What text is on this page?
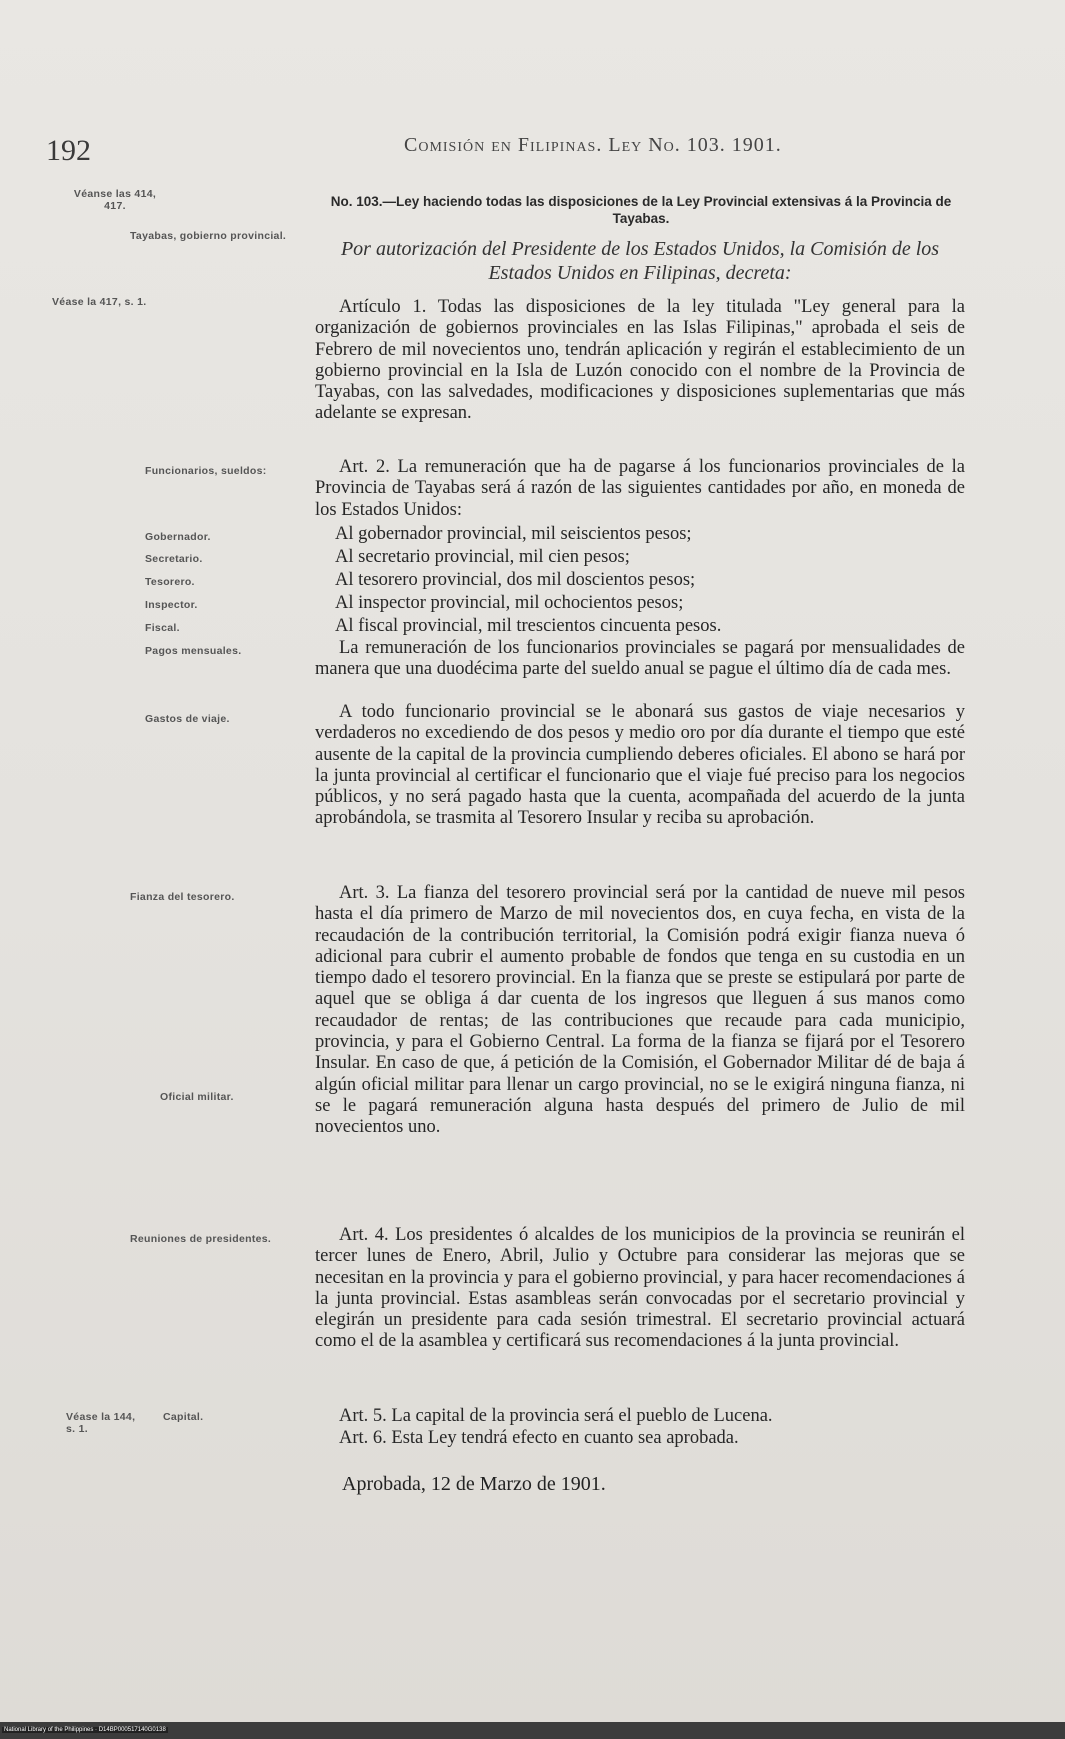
192	Comisión en Filipinas. Ley No. 103. 1901.
Véanse las 414, 417.
Tayabas, gobierno provincial.
Véase la 417, s. 1.
Funcionarios, sueldos:
Gobernador.
Secretario.
Tesorero.
Inspector.
Fiscal.
Pagos mensuales.
Gastos de viaje.
Fianza del tesorero.
Oficial militar.
Reuniones de presidentes.
Véase la 144, s. 1.
Capital.
No. 103.—Ley haciendo todas las disposiciones de la Ley Provincial extensivas á la Provincia de Tayabas.
Por autorización del Presidente de los Estados Unidos, la Comisión de los Estados Unidos en Filipinas, decreta:
Artículo 1. Todas las disposiciones de la ley titulada "Ley general para la organización de gobiernos provinciales en las Islas Filipinas," aprobada el seis de Febrero de mil novecientos uno, tendrán aplicación y regirán el establecimiento de un gobierno provincial en la Isla de Luzón conocido con el nombre de la Provincia de Tayabas, con las salvedades, modificaciones y disposiciones suplementarias que más adelante se expresan.
Art. 2. La remuneración que ha de pagarse á los funcionarios provinciales de la Provincia de Tayabas será á razón de las siguientes cantidades por año, en moneda de los Estados Unidos:
Al gobernador provincial, mil seiscientos pesos;
Al secretario provincial, mil cien pesos;
Al tesorero provincial, dos mil doscientos pesos;
Al inspector provincial, mil ochocientos pesos;
Al fiscal provincial, mil trescientos cincuenta pesos.
La remuneración de los funcionarios provinciales se pagará por mensualidades de manera que una duodécima parte del sueldo anual se pague el último día de cada mes.
A todo funcionario provincial se le abonará sus gastos de viaje necesarios y verdaderos no excediendo de dos pesos y medio oro por día durante el tiempo que esté ausente de la capital de la provincia cumpliendo deberes oficiales. El abono se hará por la junta provincial al certificar el funcionario que el viaje fué preciso para los negocios públicos, y no será pagado hasta que la cuenta, acompañada del acuerdo de la junta aprobándola, se trasmita al Tesorero Insular y reciba su aprobación.
Art. 3. La fianza del tesorero provincial será por la cantidad de nueve mil pesos hasta el día primero de Marzo de mil novecientos dos, en cuya fecha, en vista de la recaudación de la contribución territorial, la Comisión podrá exigir fianza nueva ó adicional para cubrir el aumento probable de fondos que tenga en su custodia en un tiempo dado el tesorero provincial. En la fianza que se preste se estipulará por parte de aquel que se obliga á dar cuenta de los ingresos que lleguen á sus manos como recaudador de rentas; de las contribuciones que recaude para cada municipio, provincia, y para el Gobierno Central. La forma de la fianza se fijará por el Tesorero Insular. En caso de que, á petición de la Comisión, el Gobernador Militar dé de baja á algún oficial militar para llenar un cargo provincial, no se le exigirá ninguna fianza, ni se le pagará remuneración alguna hasta después del primero de Julio de mil novecientos uno.
Art. 4. Los presidentes ó alcaldes de los municipios de la provincia se reunirán el tercer lunes de Enero, Abril, Julio y Octubre para considerar las mejoras que se necesitan en la provincia y para el gobierno provincial, y para hacer recomendaciones á la junta provincial. Estas asambleas serán convocadas por el secretario provincial y elegirán un presidente para cada sesión trimestral. El secretario provincial actuará como el de la asamblea y certificará sus recomendaciones á la junta provincial.
Art. 5. La capital de la provincia será el pueblo de Lucena.
Art. 6. Esta Ley tendrá efecto en cuanto sea aprobada.
Aprobada, 12 de Marzo de 1901.
National Library of the Philippines · D14BP000517140G0138
